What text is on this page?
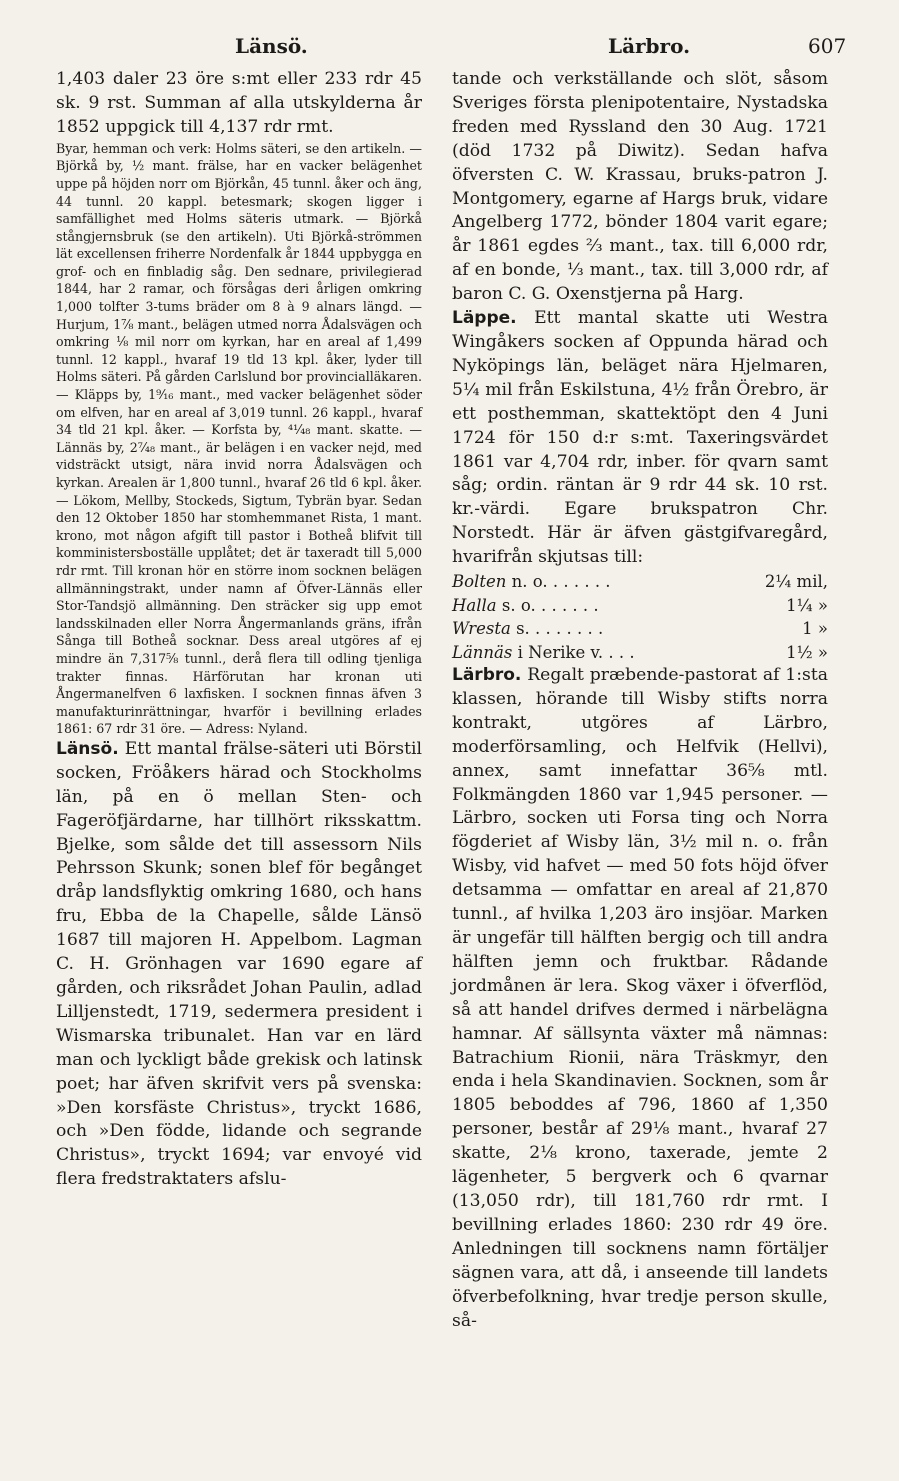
Länsö.	Lärbro.	607

1,403 daler 23 öre s:mt eller 233 rdr 45 sk. 9 rst. Summan af alla utskylderna år 1852 uppgick till 4,137 rdr rmt.

Byar, hemman och verk: Holms säteri, se den artikeln. — Björkå by, ½ mant. frälse, har en vacker belägenhet uppe på höjden norr om Björkån, 45 tunnl. åker och äng, 44 tunnl. 20 kappl. betesmark; skogen ligger i samfällighet med Holms säteris utmark. — Björkå stångjernsbruk (se den artikeln). Uti Björkå-strömmen lät excellensen friherre Nordenfalk år 1844 uppbygga en grof- och en finbladig såg. Den sednare, privilegierad 1844, har 2 ramar, och försågas deri årligen omkring 1,000 tolfter 3-tums bräder om 8 à 9 alnars längd. — Hurjum, 1⅞ mant., belägen utmed norra Ådalsvägen och omkring ⅛ mil norr om kyrkan, har en areal af 1,499 tunnl. 12 kappl., hvaraf 19 tld 13 kpl. åker, lyder till Holms säteri. På gården Carlslund bor provincialläkaren. — Kläpps by, 1⁹⁄₁₆ mant., med vacker belägenhet söder om elfven, har en areal af 3,019 tunnl. 26 kappl., hvaraf 34 tld 21 kpl. åker. — Korfsta by, ⁴¹⁄₄₈ mant. skatte. — Lännäs by, 2⁷⁄₄₈ mant., är belägen i en vacker nejd, med vidsträckt utsigt, nära invid norra Ådalsvägen och kyrkan. Arealen är 1,800 tunnl., hvaraf 26 tld 6 kpl. åker. — Lökom, Mellby, Stockeds, Sigtum, Tybrän byar. Sedan den 12 Oktober 1850 har stomhemmanet Rista, 1 mant. krono, mot någon afgift till pastor i Botheå blifvit till komministersboställe upplåtet; det är taxeradt till 5,000 rdr rmt. Till kronan hör en större inom socknen belägen allmänningstrakt, under namn af Öfver-Lännäs eller Stor-Tandsjö allmänning. Den sträcker sig upp emot landsskilnaden eller Norra Ångermanlands gräns, ifrån Sånga till Botheå socknar. Dess areal utgöres af ej mindre än 7,317⅝ tunnl., derå flera till odling tjenliga trakter finnas. Härförutan har kronan uti Ångermanelfven 6 laxfisken. I socknen finnas äfven 3 manufakturinrättningar, hvarför i bevillning erlades 1861: 67 rdr 31 öre. — Adress: Nyland.

Länsö. Ett mantal frälse-säteri uti Börstil socken, Fröåkers härad och Stockholms län, på en ö mellan Sten- och Fageröfjärdarne, har tillhört riksskattm. Bjelke, som sålde det till assessorn Nils Pehrsson Skunk; sonen blef för begånget dråp landsflyktig omkring 1680, och hans fru, Ebba de la Chapelle, sålde Länsö 1687 till majoren H. Appelbom. Lagman C. H. Grönhagen var 1690 egare af gården, och riksrådet Johan Paulin, adlad Lilljenstedt, 1719, sedermera president i Wismarska tribunalet. Han var en lärd man och lyckligt både grekisk och latinsk poet; har äfven skrifvit vers på svenska: »Den korsfäste Christus», tryckt 1686, och »Den födde, lidande och segrande Christus», tryckt 1694; var envoyé vid flera fredstraktaters afslu-

tande och verkställande och slöt, såsom Sveriges första plenipotentaire, Nystadska freden med Ryssland den 30 Aug. 1721 (död 1732 på Diwitz). Sedan hafva öfversten C. W. Krassau, bruks-patron J. Montgomery, egarne af Hargs bruk, vidare Angelberg 1772, bönder 1804 varit egare; år 1861 egdes ⅔ mant., tax. till 6,000 rdr, af en bonde, ⅓ mant., tax. till 3,000 rdr, af baron C. G. Oxenstjerna på Harg.

Läppe. Ett mantal skatte uti Westra Wingåkers socken af Oppunda härad och Nyköpings län, beläget nära Hjelmaren, 5¼ mil från Eskilstuna, 4½ från Örebro, är ett posthemman, skattektöpt den 4 Juni 1724 för 150 d:r s:mt. Taxeringsvärdet 1861 var 4,704 rdr, inber. för qvarn samt såg; ordin. räntan är 9 rdr 44 sk. 10 rst. kr.-värdi. Egare brukspatron Chr. Norstedt. Här är äfven gästgifvaregård, hvarifrån skjutsas till:

Bolten n. o. . . . . . .	2¼ mil,
Halla s. o. . . . . . .	1¼ »
Wresta s. . . . . . . .	1 »
Lännäs i Nerike v. . . .	1½ »

Lärbro. Regalt præbende-pastorat af 1:sta klassen, hörande till Wisby stifts norra kontrakt, utgöres af Lärbro, moderförsamling, och Helfvik (Hellvi), annex, samt innefattar 36⅝ mtl. Folkmängden 1860 var 1,945 personer. — Lärbro, socken uti Forsa ting och Norra fögderiet af Wisby län, 3½ mil n. o. från Wisby, vid hafvet — med 50 fots höjd öfver detsamma — omfattar en areal af 21,870 tunnl., af hvilka 1,203 äro insjöar. Marken är ungefär till hälften bergig och till andra hälften jemn och fruktbar. Rådande jordmånen är lera. Skog växer i öfverflöd, så att handel drifves dermed i närbelägna hamnar. Af sällsynta växter må nämnas: Batrachium Rionii, nära Träskmyr, den enda i hela Skandinavien. Socknen, som år 1805 beboddes af 796, 1860 af 1,350 personer, består af 29⅛ mant., hvaraf 27 skatte, 2⅛ krono, taxerade, jemte 2 lägenheter, 5 bergverk och 6 qvarnar (13,050 rdr), till 181,760 rdr rmt. I bevillning erlades 1860: 230 rdr 49 öre. Anledningen till socknens namn förtäljer sägnen vara, att då, i anseende till landets öfverbefolkning, hvar tredje person skulle, så-
